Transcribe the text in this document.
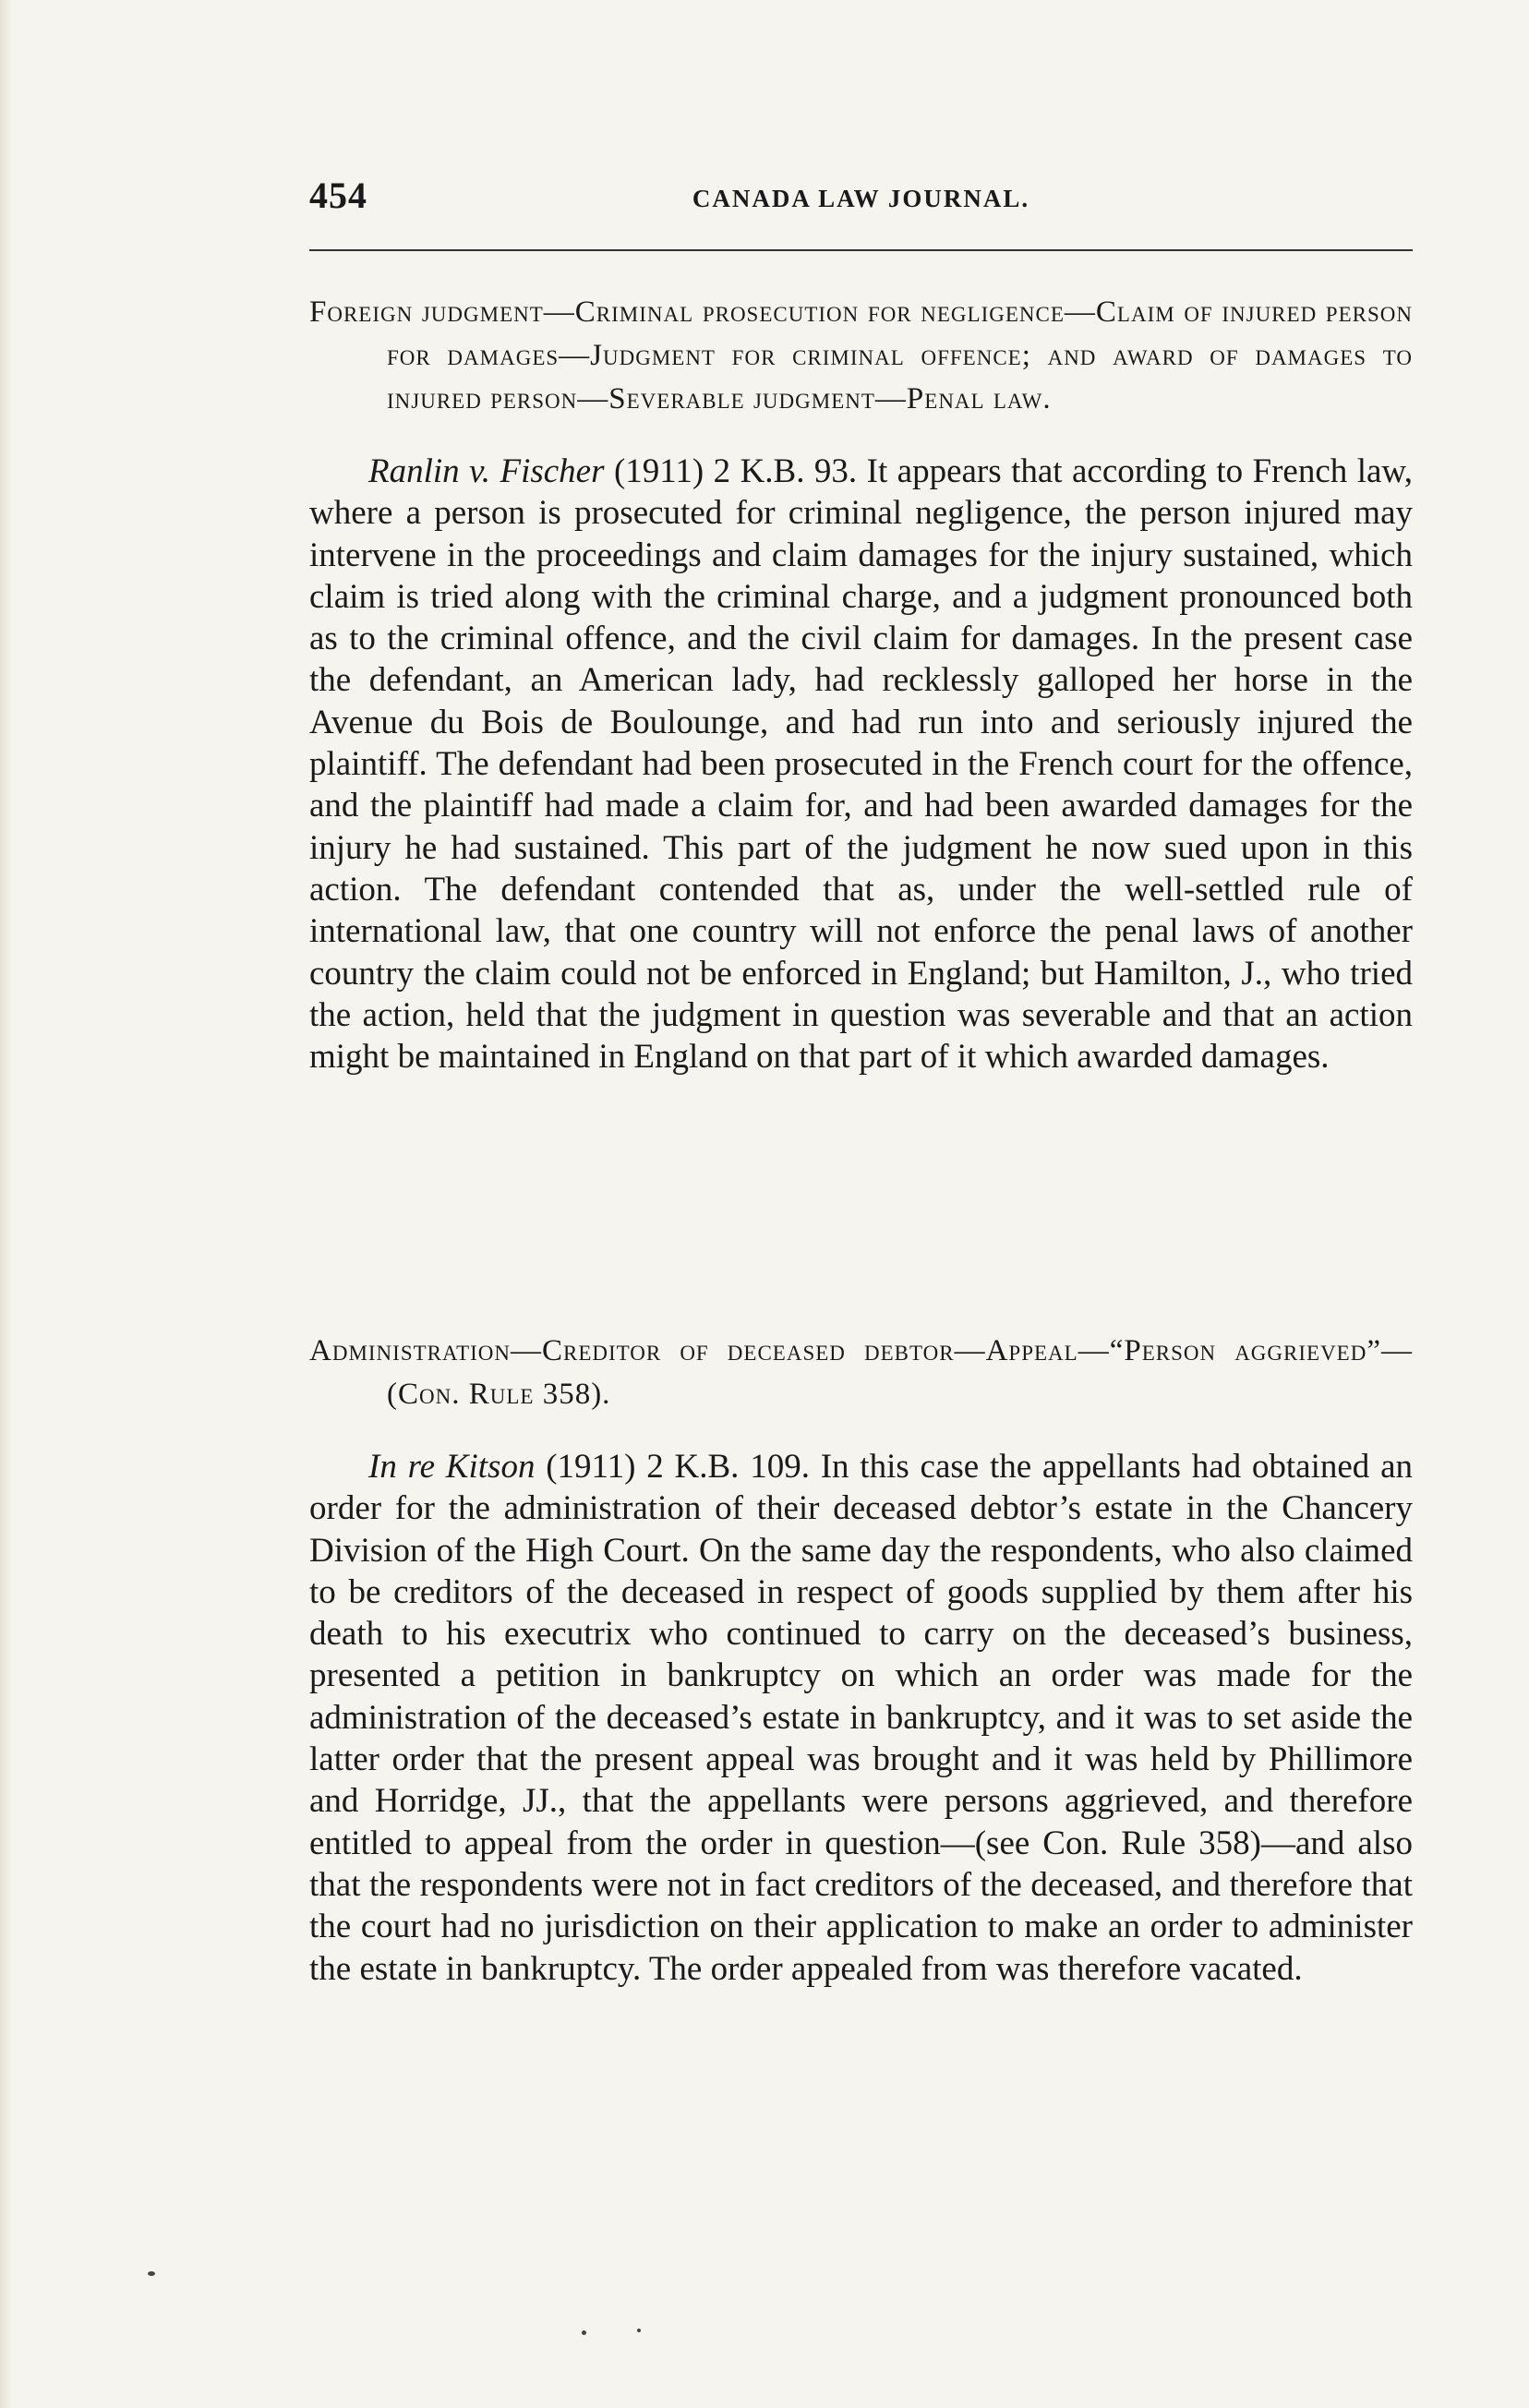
454	CANADA LAW JOURNAL.

Foreign judgment—Criminal prosecution for negligence—Claim of injured person for damages—Judgment for criminal offence; and award of damages to injured person—Severable judgment—Penal law.

Ranlin v. Fischer (1911) 2 K.B. 93. It appears that according to French law, where a person is prosecuted for criminal negligence, the person injured may intervene in the proceedings and claim damages for the injury sustained, which claim is tried along with the criminal charge, and a judgment pronounced both as to the criminal offence, and the civil claim for damages. In the present case the defendant, an American lady, had recklessly galloped her horse in the Avenue du Bois de Boulounge, and had run into and seriously injured the plaintiff. The defendant had been prosecuted in the French court for the offence, and the plaintiff had made a claim for, and had been awarded damages for the injury he had sustained. This part of the judgment he now sued upon in this action. The defendant contended that as, under the well-settled rule of international law, that one country will not enforce the penal laws of another country the claim could not be enforced in England; but Hamilton, J., who tried the action, held that the judgment in question was severable and that an action might be maintained in England on that part of it which awarded damages.

Administration—Creditor of deceased debtor—Appeal—“Person aggrieved”—(Con. Rule 358).

In re Kitson (1911) 2 K.B. 109. In this case the appellants had obtained an order for the administration of their deceased debtor’s estate in the Chancery Division of the High Court. On the same day the respondents, who also claimed to be creditors of the deceased in respect of goods supplied by them after his death to his executrix who continued to carry on the deceased’s business, presented a petition in bankruptcy on which an order was made for the administration of the deceased’s estate in bankruptcy, and it was to set aside the latter order that the present appeal was brought and it was held by Phillimore and Horridge, JJ., that the appellants were persons aggrieved, and therefore entitled to appeal from the order in question—(see Con. Rule 358)—and also that the respondents were not in fact creditors of the deceased, and therefore that the court had no jurisdiction on their application to make an order to administer the estate in bankruptcy. The order appealed from was therefore vacated.
